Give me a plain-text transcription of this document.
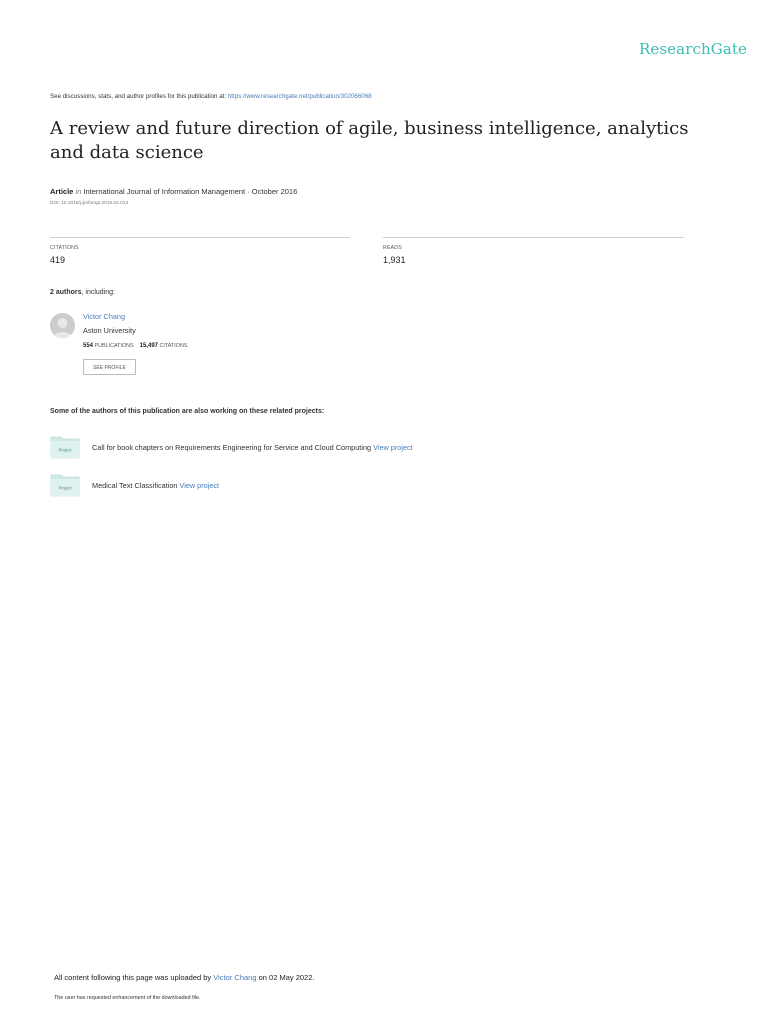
ResearchGate
See discussions, stats, and author profiles for this publication at: https://www.researchgate.net/publication/302066068
A review and future direction of agile, business intelligence, analytics and data science
Article in International Journal of Information Management · October 2016
DOI: 10.1016/j.ijinfomgt.2016.04.013
CITATIONS
419
READS
1,931
2 authors, including:
Victor Chang
Aston University
554 PUBLICATIONS 15,497 CITATIONS
SEE PROFILE
Some of the authors of this publication are also working on these related projects:
Project	Call for book chapters on Requirements Engineering for Service and Cloud Computing View project
Project	Medical Text Classification View project
All content following this page was uploaded by Victor Chang on 02 May 2022.
The user has requested enhancement of the downloaded file.
